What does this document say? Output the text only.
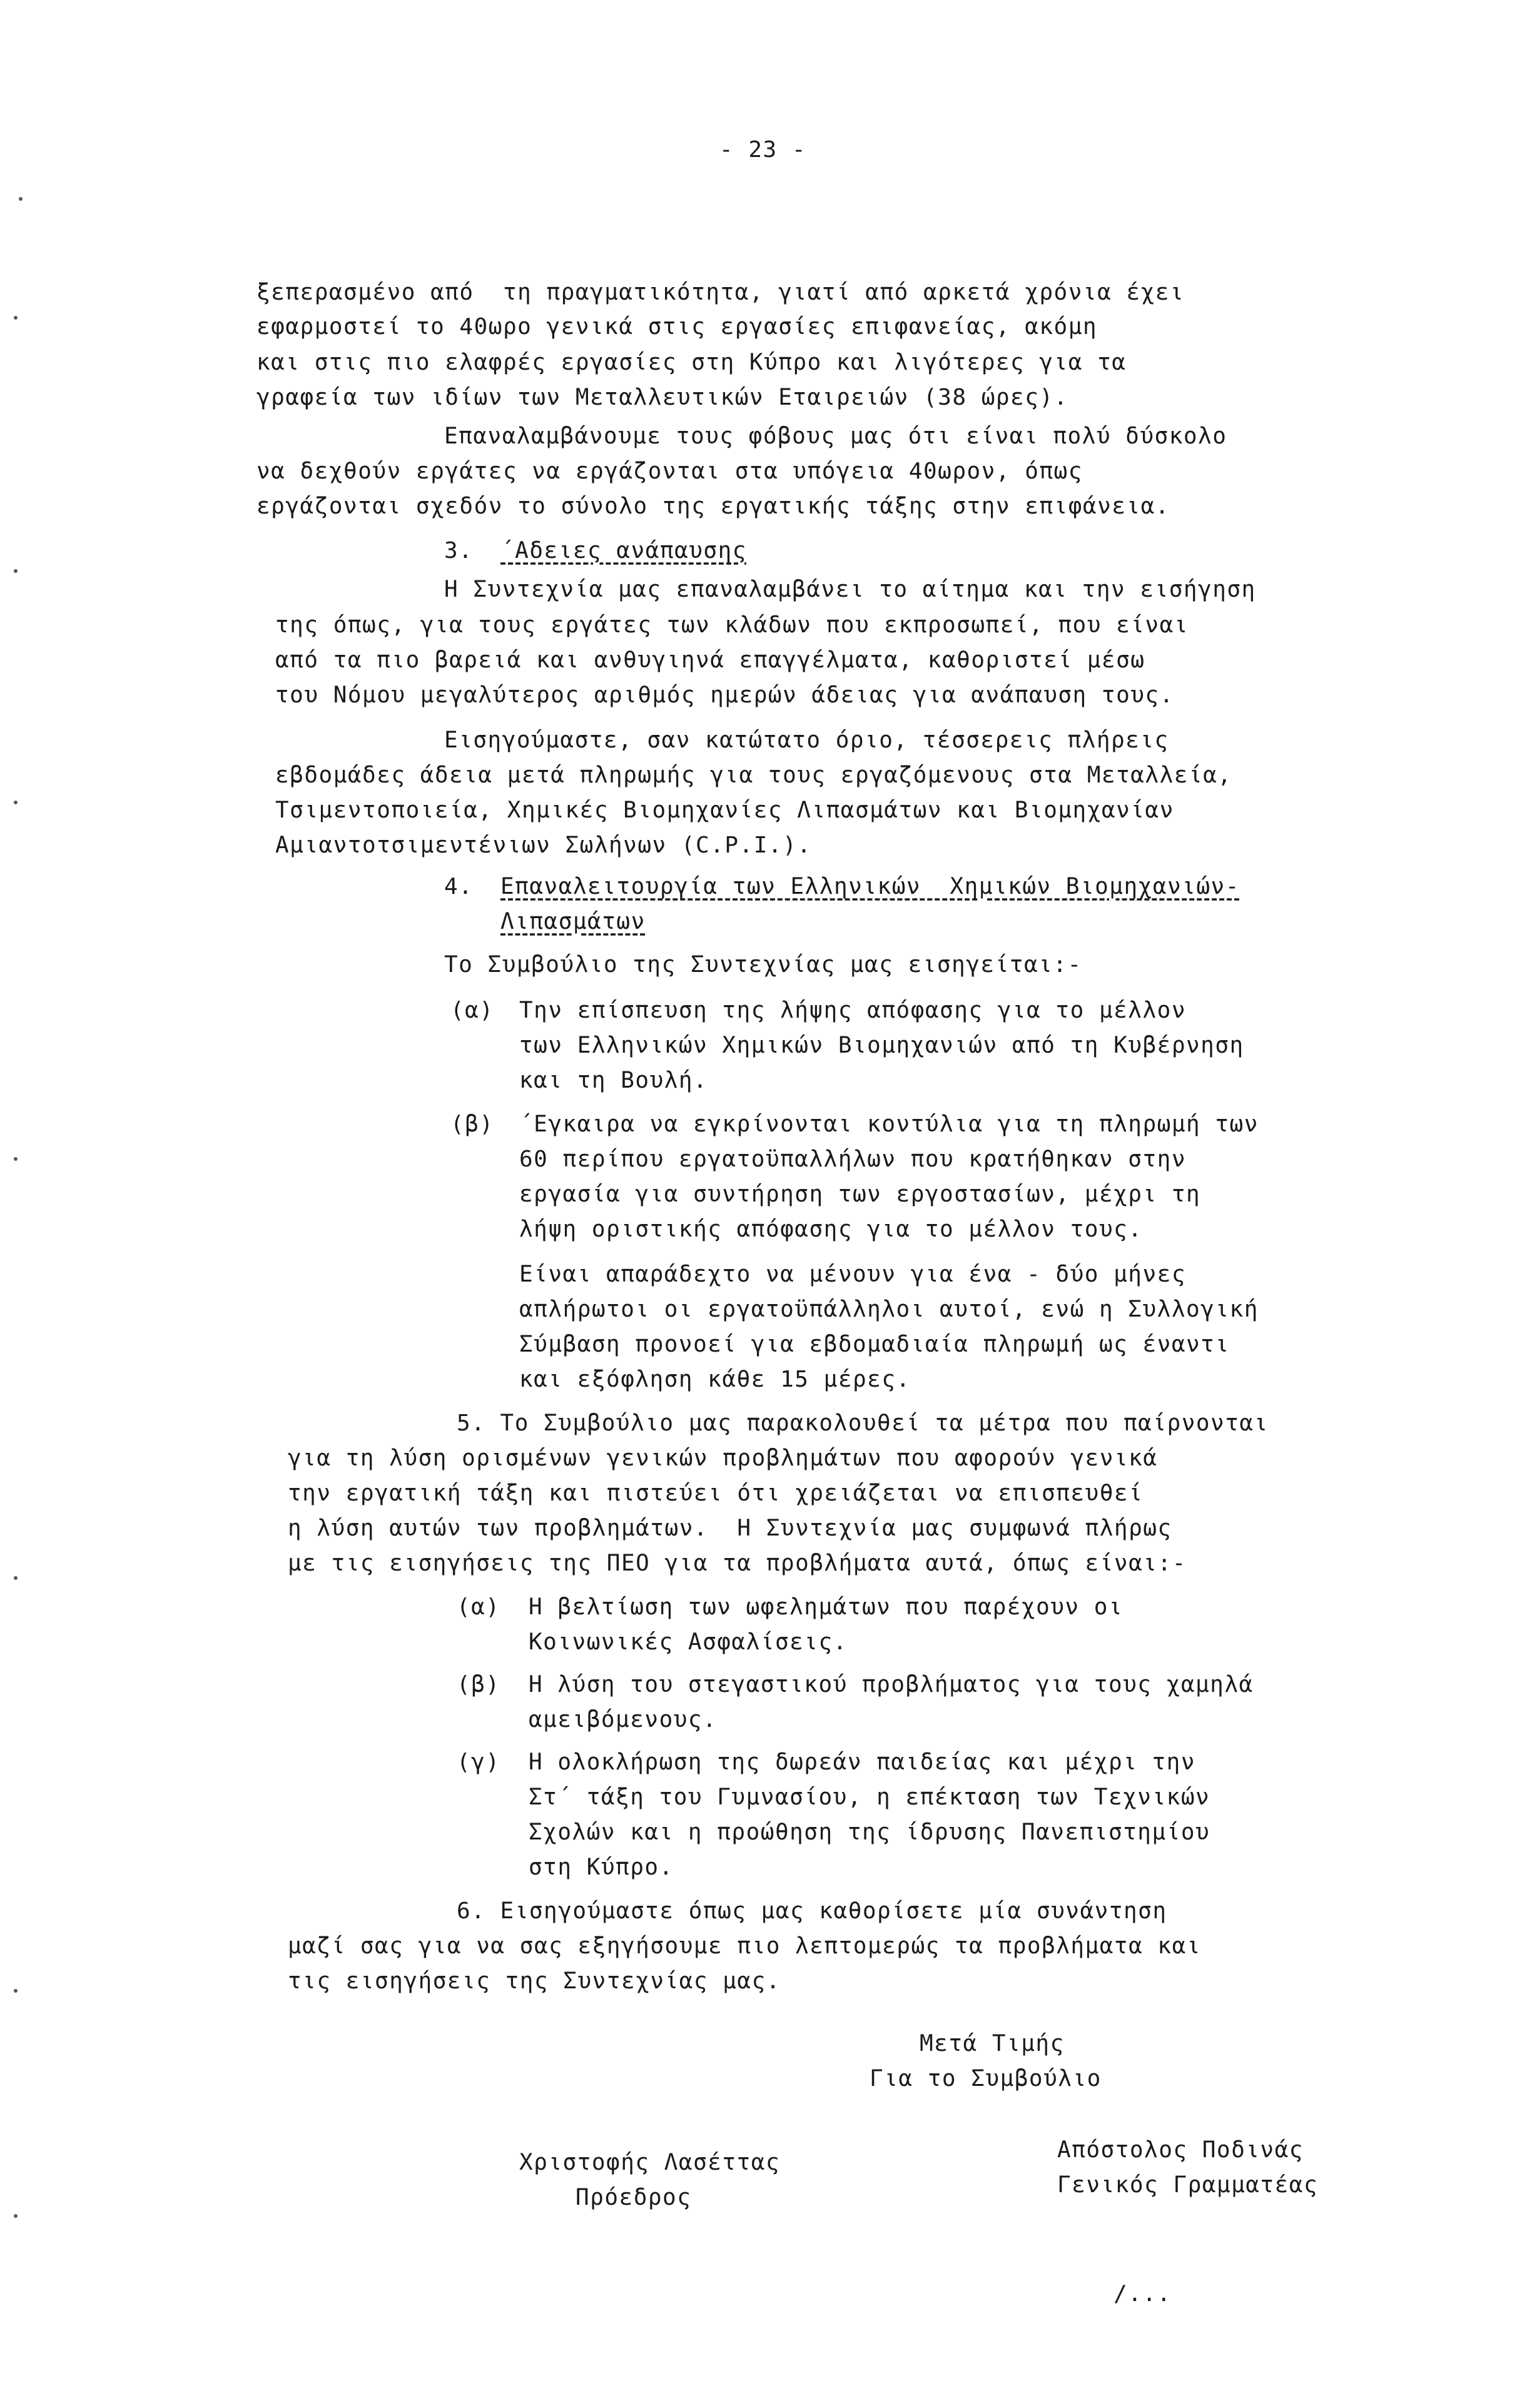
- 23 -
ξεπερασμένο από  τη πραγματικότητα, γιατί από αρκετά χρόνια έχει
εφαρμοστεί το 40ωρο γενικά στις εργασίες επιφανείας, ακόμη
και στις πιο ελαφρές εργασίες στη Κύπρο και λιγότερες για τα
γραφεία των ιδίων των Μεταλλευτικών Εταιρειών (38 ώρες).
Επαναλαμβάνουμε τους φόβους μας ότι είναι πολύ δύσκολο
να δεχθούν εργάτες να εργάζονται στα υπόγεια 40ωρον, όπως
εργάζονται σχεδόν το σύνολο της εργατικής τάξης στην επιφάνεια.
3. ΄Αδειες ανάπαυσης
Η Συντεχνία μας επαναλαμβάνει το αίτημα και την εισήγηση
της όπως, για τους εργάτες των κλάδων που εκπροσωπεί, που είναι
από τα πιο βαρειά και ανθυγιηνά επαγγέλματα, καθοριστεί μέσω
του Νόμου μεγαλύτερος αριθμός ημερών άδειας για ανάπαυση τους.
Εισηγούμαστε, σαν κατώτατο όριο, τέσσερεις πλήρεις
εβδομάδες άδεια μετά πληρωμής για τους εργαζόμενους στα Μεταλλεία,
Τσιμεντοποιεία, Χημικές Βιομηχανίες Λιπασμάτων και Βιομηχανίαν
Αμιαντοτσιμεντένιων Σωλήνων (C.P.I.).
4. Επαναλειτουργία των Ελληνικών  Χημικών Βιομηχανιών-
Λιπασμάτων
Το Συμβούλιο της Συντεχνίας μας εισηγείται:-
(α) Την επίσπευση της λήψης απόφασης για το μέλλον
των Ελληνικών Χημικών Βιομηχανιών από τη Κυβέρνηση
και τη Βουλή.
(β) ΄Εγκαιρα να εγκρίνονται κοντύλια για τη πληρωμή των
60 περίπου εργατοϋπαλλήλων που κρατήθηκαν στην
εργασία για συντήρηση των εργοστασίων, μέχρι τη
λήψη οριστικής απόφασης για το μέλλον τους.
Είναι απαράδεχτο να μένουν για ένα - δύο μήνες
απλήρωτοι οι εργατοϋπάλληλοι αυτοί, ενώ η Συλλογική
Σύμβαση προνοεί για εβδομαδιαία πληρωμή ως έναντι
και εξόφληση κάθε 15 μέρες.
5. Το Συμβούλιο μας παρακολουθεί τα μέτρα που παίρνονται
για τη λύση ορισμένων γενικών προβλημάτων που αφορούν γενικά
την εργατική τάξη και πιστεύει ότι χρειάζεται να επισπευθεί
η λύση αυτών των προβλημάτων.  Η Συντεχνία μας συμφωνά πλήρως
με τις εισηγήσεις της ΠΕΟ για τα προβλήματα αυτά, όπως είναι:-
(α) Η βελτίωση των ωφελημάτων που παρέχουν οι
Κοινωνικές Ασφαλίσεις.
(β) Η λύση του στεγαστικού προβλήματος για τους χαμηλά
αμειβόμενους.
(γ) Η ολοκλήρωση της δωρεάν παιδείας και μέχρι την
Στ΄ τάξη του Γυμνασίου, η επέκταση των Τεχνικών
Σχολών και η προώθηση της ίδρυσης Πανεπιστημίου
στη Κύπρο.
6. Εισηγούμαστε όπως μας καθορίσετε μία συνάντηση
μαζί σας για να σας εξηγήσουμε πιο λεπτομερώς τα προβλήματα και
τις εισηγήσεις της Συντεχνίας μας.
Μετά Τιμής
Για το Συμβούλιο
Χριστοφής Λασέττας
Πρόεδρος
Απόστολος Ποδινάς
Γενικός Γραμματέας
/...
